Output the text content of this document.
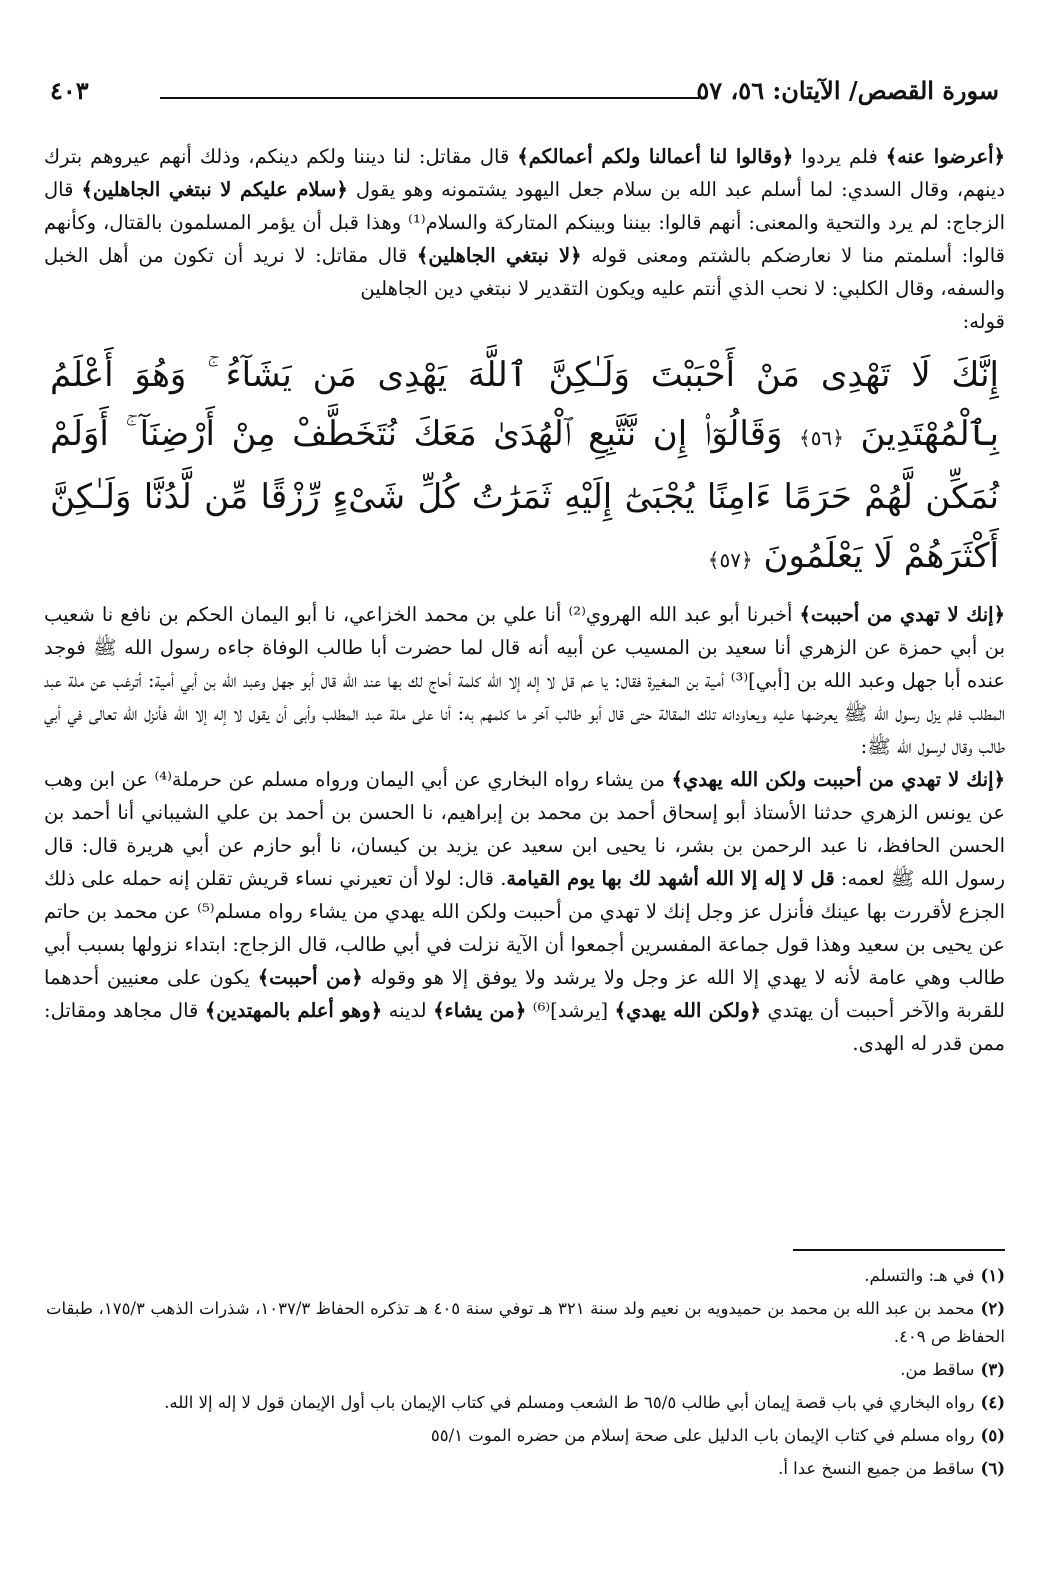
سورة القصص/ الآيتان: ٥٦، ٥٧
٤٠٣

﴿أعرضوا عنه﴾ فلم يردوا ﴿وقالوا لنا أعمالنا ولكم أعمالكم﴾ قال مقاتل: لنا ديننا ولكم دينكم، وذلك أنهم عيروهم بترك دينهم، وقال السدي: لما أسلم عبد الله بن سلام جعل اليهود يشتمونه وهو يقول ﴿سلام عليكم لا نبتغي الجاهلين﴾ قال الزجاج: لم يرد والتحية والمعنى: أنهم قالوا: بيننا وبينكم المتاركة والسلام⁽¹⁾ وهذا قبل أن يؤمر المسلمون بالقتال، وكأنهم قالوا: أسلمتم منا لا نعارضكم بالشتم ومعنى قوله ﴿لا نبتغي الجاهلين﴾ قال مقاتل: لا نريد أن تكون من أهل الخبل والسفه، وقال الكلبي: لا نحب الذي أنتم عليه ويكون التقدير لا نبتغي دين الجاهلين

قوله:

إِنَّكَ لَا تَهْدِى مَنْ أَحْبَبْتَ وَلَـٰكِنَّ ٱللَّهَ يَهْدِى مَن يَشَآءُ ۚ وَهُوَ أَعْلَمُ بِٱلْمُهْتَدِينَ ﴿٥٦﴾ وَقَالُوٓا۟ إِن نَّتَّبِعِ ٱلْهُدَىٰ مَعَكَ نُتَخَطَّفْ مِنْ أَرْضِنَآ ۚ أَوَلَمْ نُمَكِّن لَّهُمْ حَرَمًا ءَامِنًا يُجْبَىٰٓ إِلَيْهِ ثَمَرَٰتُ كُلِّ شَىْءٍ رِّزْقًا مِّن لَّدُنَّا وَلَـٰكِنَّ أَكْثَرَهُمْ لَا يَعْلَمُونَ ﴿٥٧﴾

﴿إنك لا تهدي من أحببت﴾ أخبرنا أبو عبد الله الهروي⁽²⁾ أنا علي بن محمد الخزاعي، نا أبو اليمان الحكم بن نافع نا شعيب بن أبي حمزة عن الزهري أنا سعيد بن المسيب عن أبيه أنه قال لما حضرت أبا طالب الوفاة جاءه رسول الله ﷺ فوجد عنده أبا جهل وعبد الله بن [أبي]⁽³⁾ أمية بن المغيرة فقال: يا عم قل لا إله إلا الله كلمة أحاج لك بها عند الله قال أبو جهل وعبد الله بن أبي أمية: أترغب عن ملة عبد المطلب فلم يزل رسول الله ﷺ يعرضها عليه ويعاودانه تلك المقالة حتى قال أبو طالب آخر ما كلمهم به: أنا على ملة عبد المطلب وأبى أن يقول لا إله إلا الله فأنزل الله تعالى في أبي طالب وقال لرسول الله ﷺ:

﴿إنك لا تهدي من أحببت ولكن الله يهدي﴾ من يشاء رواه البخاري عن أبي اليمان ورواه مسلم عن حرملة⁽⁴⁾ عن ابن وهب عن يونس الزهري حدثنا الأستاذ أبو إسحاق أحمد بن محمد بن إبراهيم، نا الحسن بن أحمد بن علي الشيباني أنا أحمد بن الحسن الحافظ، نا عبد الرحمن بن بشر، نا يحيى ابن سعيد عن يزيد بن كيسان، نا أبو حازم عن أبي هريرة قال: قال رسول الله ﷺ لعمه: قل لا إله إلا الله أشهد لك بها يوم القيامة. قال: لولا أن تعيرني نساء قريش تقلن إنه حمله على ذلك الجزع لأقررت بها عينك فأنزل عز وجل إنك لا تهدي من أحببت ولكن الله يهدي من يشاء رواه مسلم⁽⁵⁾ عن محمد بن حاتم عن يحيى بن سعيد وهذا قول جماعة المفسرين أجمعوا أن الآية نزلت في أبي طالب، قال الزجاج: ابتداء نزولها بسبب أبي طالب وهي عامة لأنه لا يهدي إلا الله عز وجل ولا يرشد ولا يوفق إلا هو وقوله ﴿من أحببت﴾ يكون على معنيين أحدهما للقربة والآخر أحببت أن يهتدي ﴿ولكن الله يهدي﴾ [يرشد]⁽⁶⁾ ﴿من يشاء﴾ لدينه ﴿وهو أعلم بالمهتدين﴾ قال مجاهد ومقاتل: ممن قدر له الهدى.

(١)في هـ: والتسلم.

(٢)محمد بن عبد الله بن محمد بن حميدويه بن نعيم ولد سنة ٣٢١ هـ توفي سنة ٤٠٥ هـ تذكره الحفاظ ١٠٣٧/٣، شذرات الذهب ١٧٥/٣، طبقات الحفاظ ص ٤٠٩.

(٣)ساقط من.

(٤)رواه البخاري في باب قصة إيمان أبي طالب ٦٥/٥ ط الشعب ومسلم في كتاب الإيمان باب أول الإيمان قول لا إله إلا الله.

(٥)رواه مسلم في كتاب الإيمان باب الدليل على صحة إسلام من حضره الموت ٥٥/١

(٦)ساقط من جميع النسخ عدا أ.
